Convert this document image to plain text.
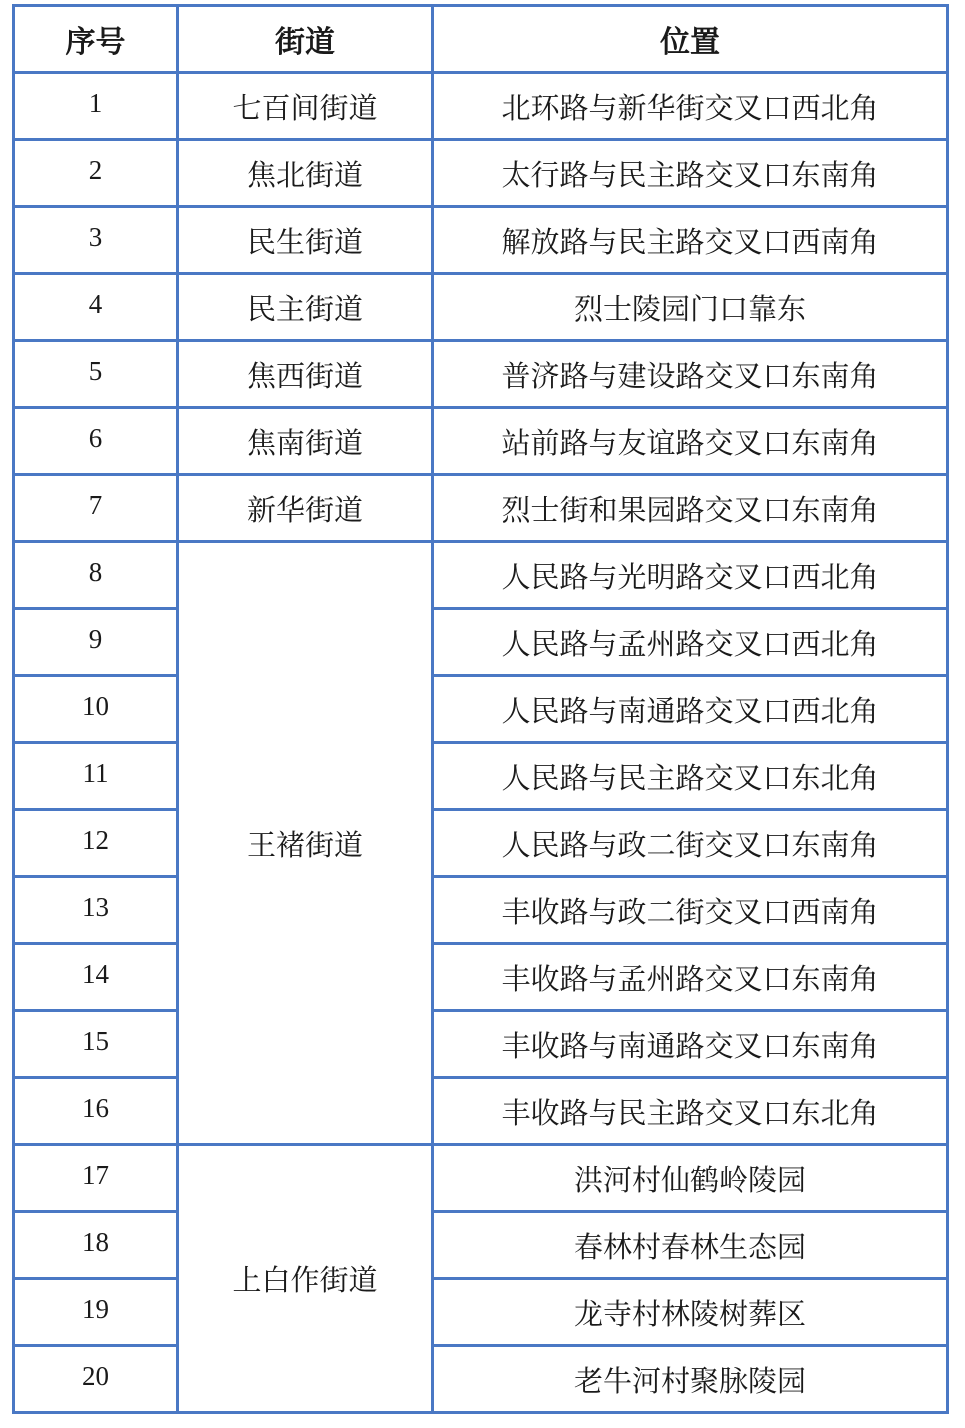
序号	街道	位置
1	七百间街道	北环路与新华街交叉口西北角
2	焦北街道	太行路与民主路交叉口东南角
3	民生街道	解放路与民主路交叉口西南角
4	民主街道	烈士陵园门口靠东
5	焦西街道	普济路与建设路交叉口东南角
6	焦南街道	站前路与友谊路交叉口东南角
7	新华街道	烈士街和果园路交叉口东南角
8	王褚街道	人民路与光明路交叉口西北角
9		人民路与孟州路交叉口西北角
10		人民路与南通路交叉口西北角
11		人民路与民主路交叉口东北角
12		人民路与政二街交叉口东南角
13		丰收路与政二街交叉口西南角
14		丰收路与孟州路交叉口东南角
15		丰收路与南通路交叉口东南角
16		丰收路与民主路交叉口东北角
17	上白作街道	洪河村仙鹤岭陵园
18		春林村春林生态园
19		龙寺村林陵树葬区
20		老牛河村聚脉陵园
